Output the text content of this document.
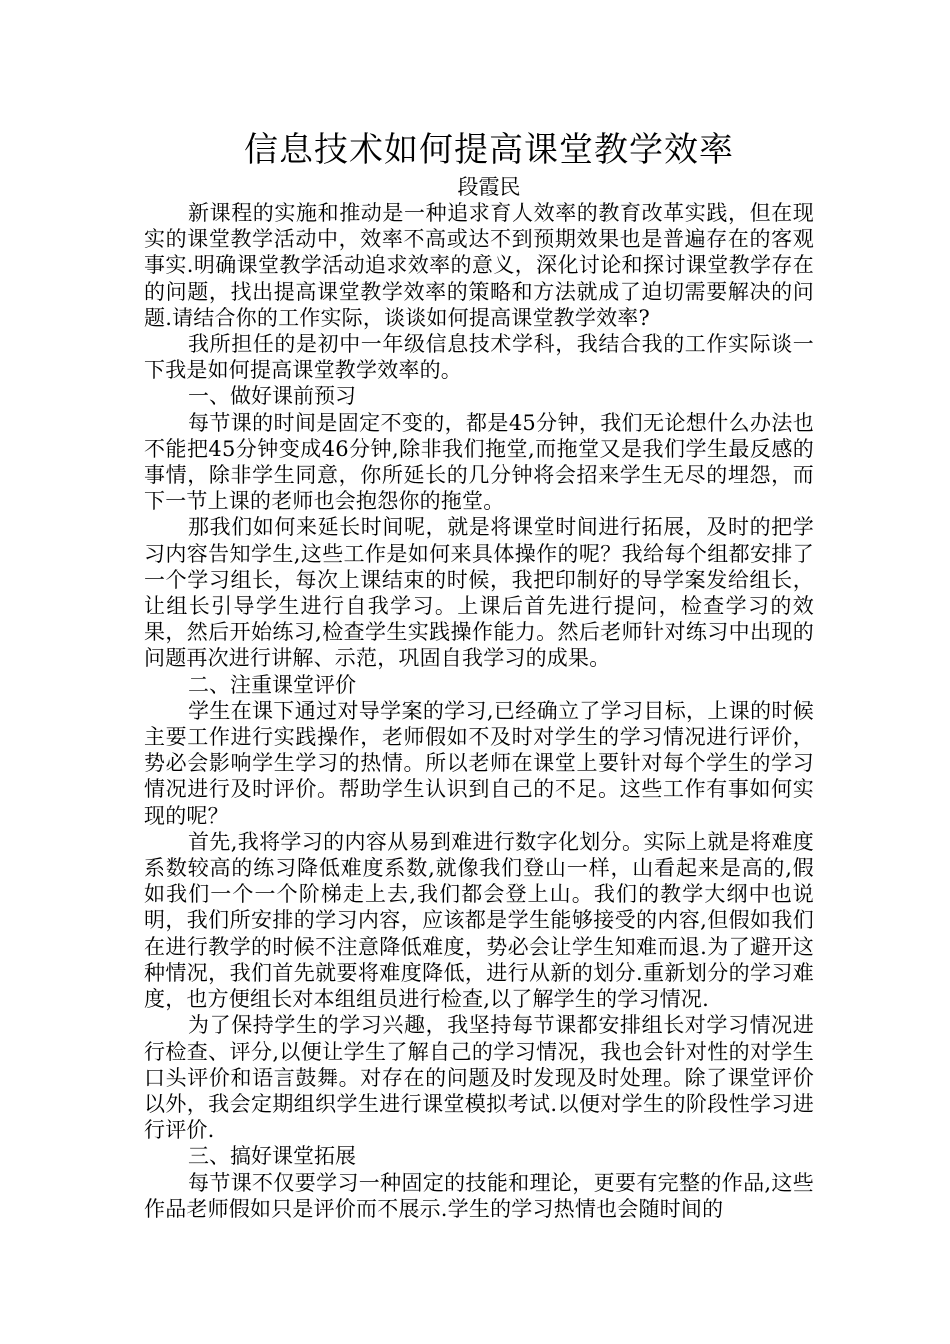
信息技术如何提高课堂教学效率

段霞民

新课程的实施和推动是一种追求育人效率的教育改革实践，但在现实的课堂教学活动中，效率不高或达不到预期效果也是普遍存在的客观事实.明确课堂教学活动追求效率的意义，深化讨论和探讨课堂教学存在的问题，找出提高课堂教学效率的策略和方法就成了迫切需要解决的问题.请结合你的工作实际，谈谈如何提高课堂教学效率?

我所担任的是初中一年级信息技术学科，我结合我的工作实际谈一下我是如何提高课堂教学效率的。

一、做好课前预习

每节课的时间是固定不变的，都是45分钟，我们无论想什么办法也不能把45分钟变成46分钟,除非我们拖堂,而拖堂又是我们学生最反感的事情，除非学生同意，你所延长的几分钟将会招来学生无尽的埋怨，而下一节上课的老师也会抱怨你的拖堂。

那我们如何来延长时间呢，就是将课堂时间进行拓展，及时的把学习内容告知学生,这些工作是如何来具体操作的呢？我给每个组都安排了一个学习组长，每次上课结束的时候，我把印制好的导学案发给组长，让组长引导学生进行自我学习。上课后首先进行提问，检查学习的效果，然后开始练习,检查学生实践操作能力。然后老师针对练习中出现的问题再次进行讲解、示范，巩固自我学习的成果。

二、注重课堂评价

学生在课下通过对导学案的学习,已经确立了学习目标，上课的时候主要工作进行实践操作，老师假如不及时对学生的学习情况进行评价，势必会影响学生学习的热情。所以老师在课堂上要针对每个学生的学习情况进行及时评价。帮助学生认识到自己的不足。这些工作有事如何实现的呢？

首先,我将学习的内容从易到难进行数字化划分。实际上就是将难度系数较高的练习降低难度系数,就像我们登山一样，山看起来是高的,假如我们一个一个阶梯走上去,我们都会登上山。我们的教学大纲中也说明，我们所安排的学习内容，应该都是学生能够接受的内容,但假如我们在进行教学的时候不注意降低难度，势必会让学生知难而退.为了避开这种情况，我们首先就要将难度降低，进行从新的划分.重新划分的学习难度，也方便组长对本组组员进行检查,以了解学生的学习情况.

为了保持学生的学习兴趣，我坚持每节课都安排组长对学习情况进行检查、评分,以便让学生了解自己的学习情况，我也会针对性的对学生口头评价和语言鼓舞。对存在的问题及时发现及时处理。除了课堂评价以外，我会定期组织学生进行课堂模拟考试.以便对学生的阶段性学习进行评价.

三、搞好课堂拓展

每节课不仅要学习一种固定的技能和理论，更要有完整的作品,这些作品老师假如只是评价而不展示.学生的学习热情也会随时间的
